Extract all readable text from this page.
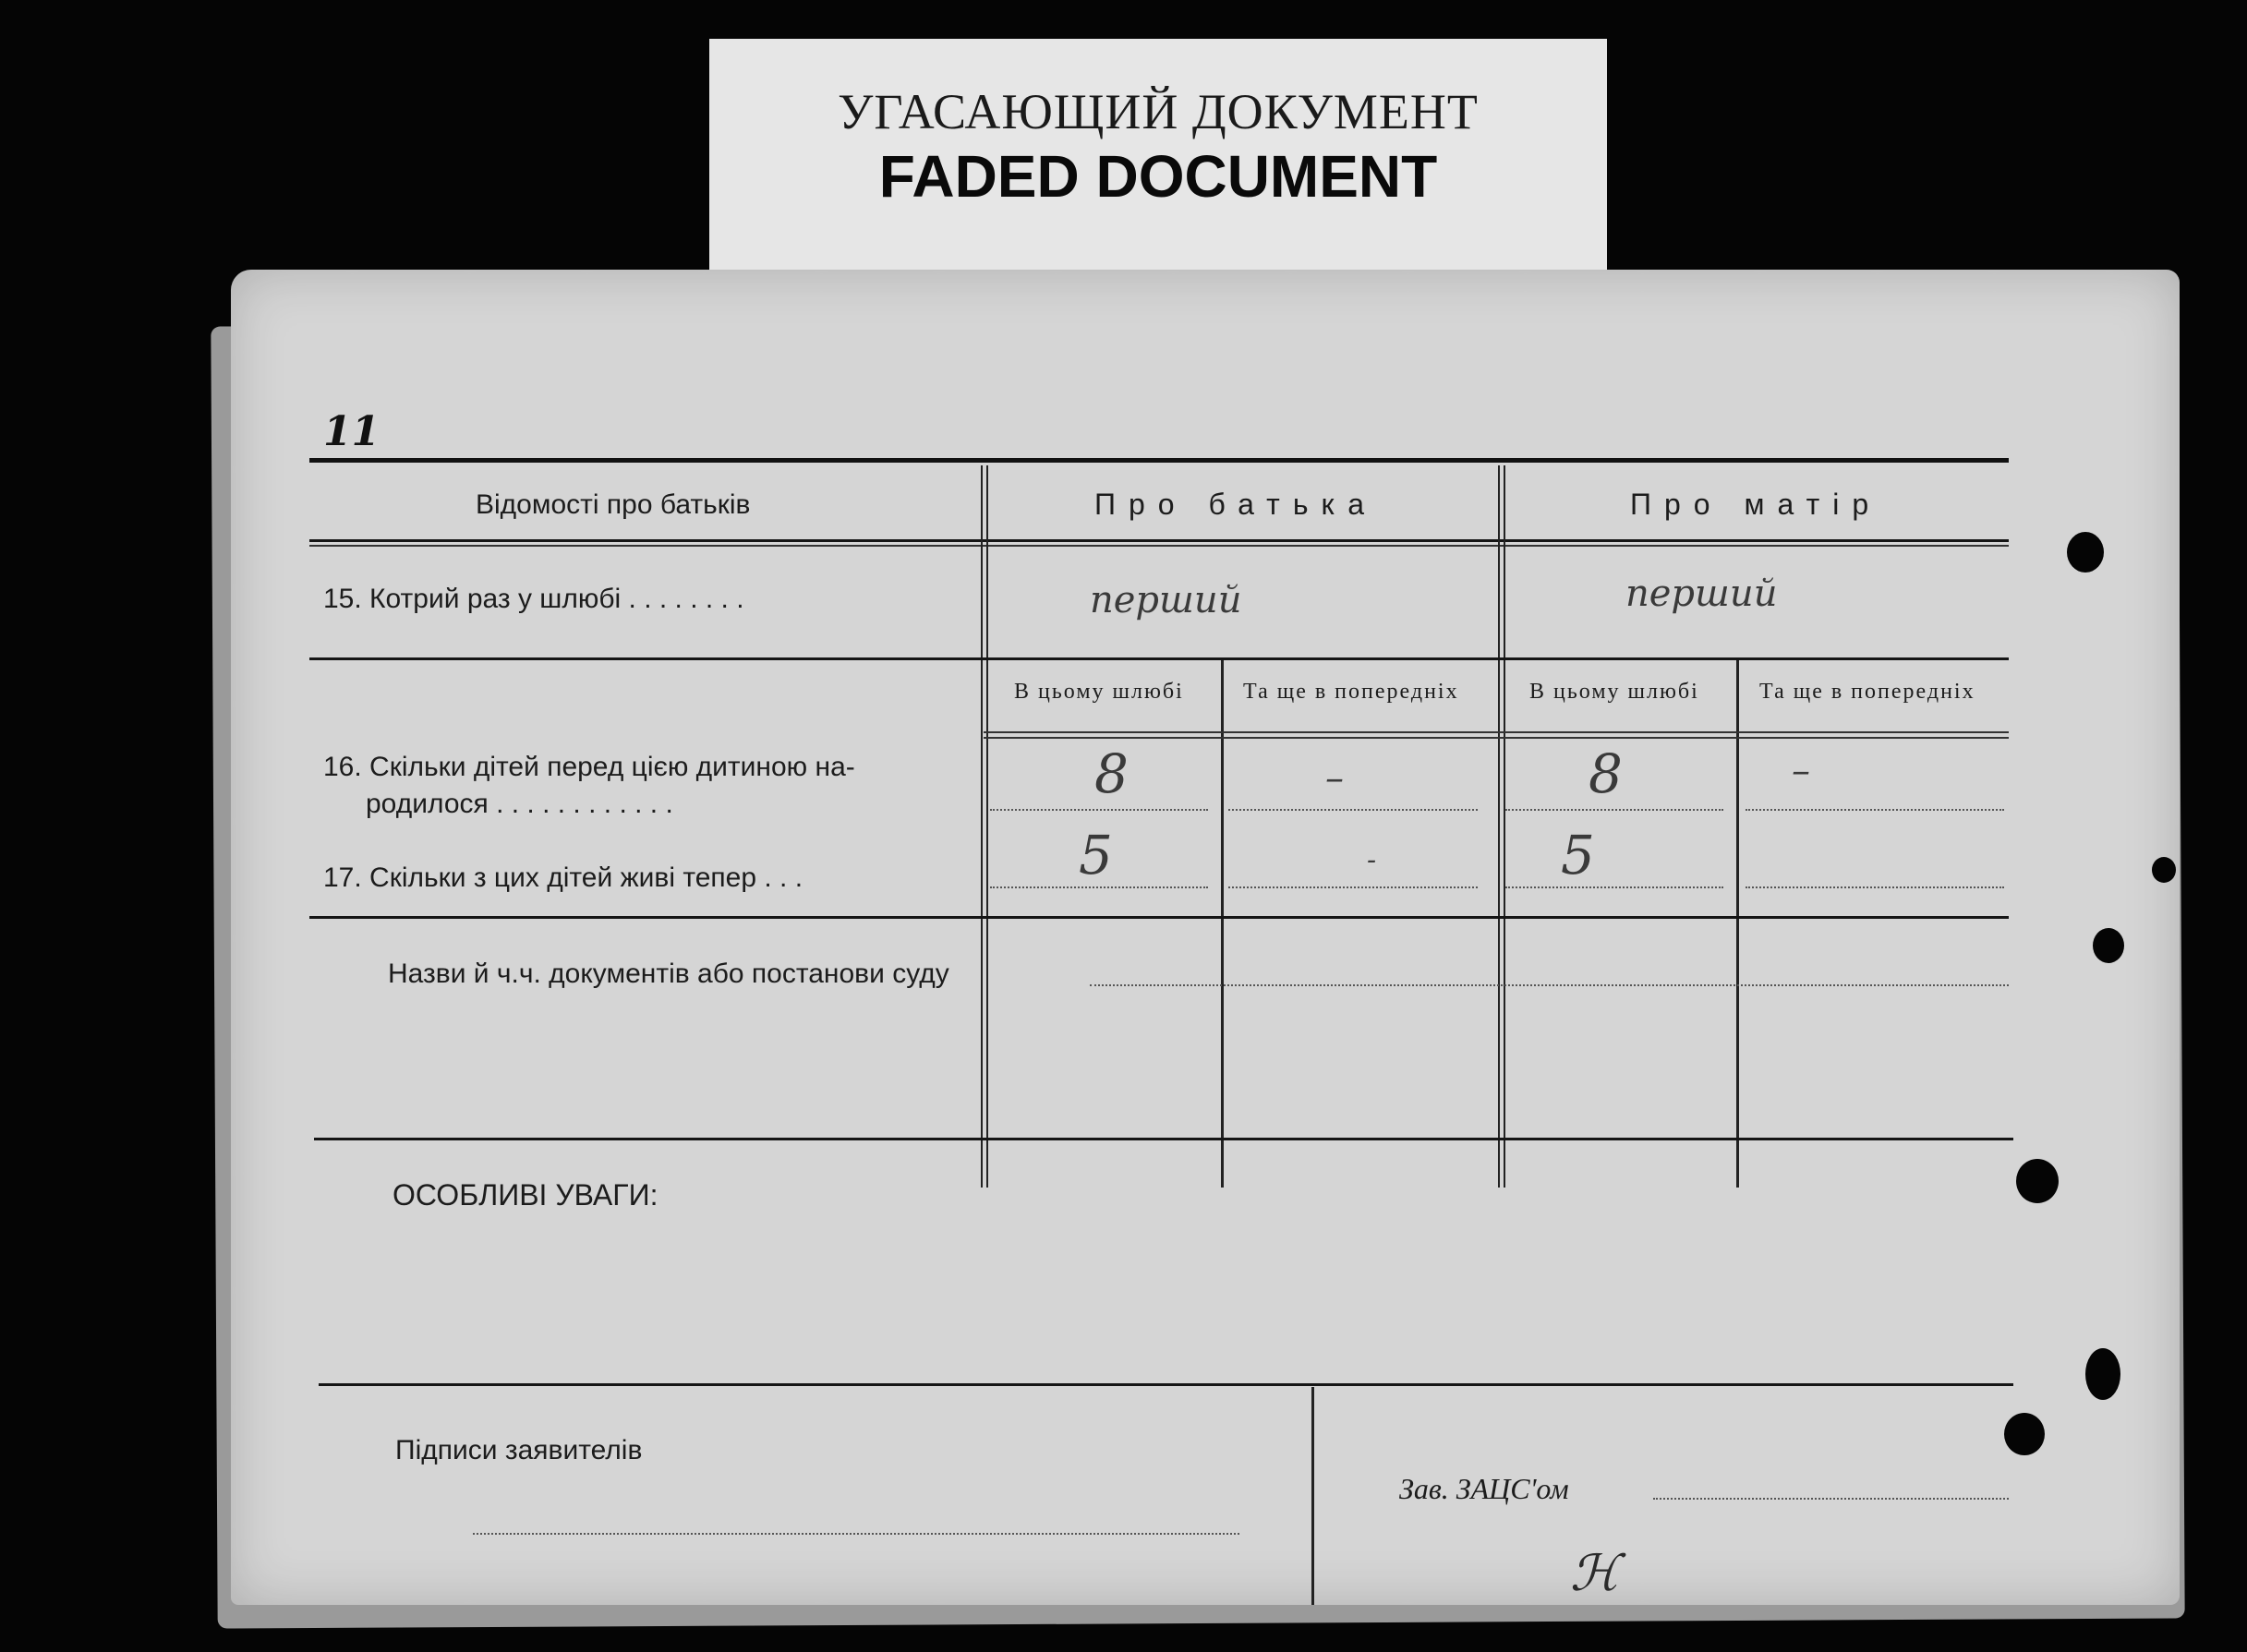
УГАСАЮЩИЙ ДОКУМЕНТ
FADED DOCUMENT
11
Відомості про батьків	Про батька	Про матір
15. Котрий раз у шлюбі . . . . . . . .	перший	перший
В цьому шлюбі	Та ще в попередніх	В цьому шлюбі	Та ще в попередніх
16. Скільки дітей перед цією дитиною на-
родилося . . . . . . . . . . . .	8	–	8	–
17. Скільки з цих дітей живі тепер . . .	5	-	5
Назви й ч.ч. документів або постанови суду
ОСОБЛИВІ УВАГИ:
Підписи заявителів
Зав. ЗАЦС'ом
ℋ
